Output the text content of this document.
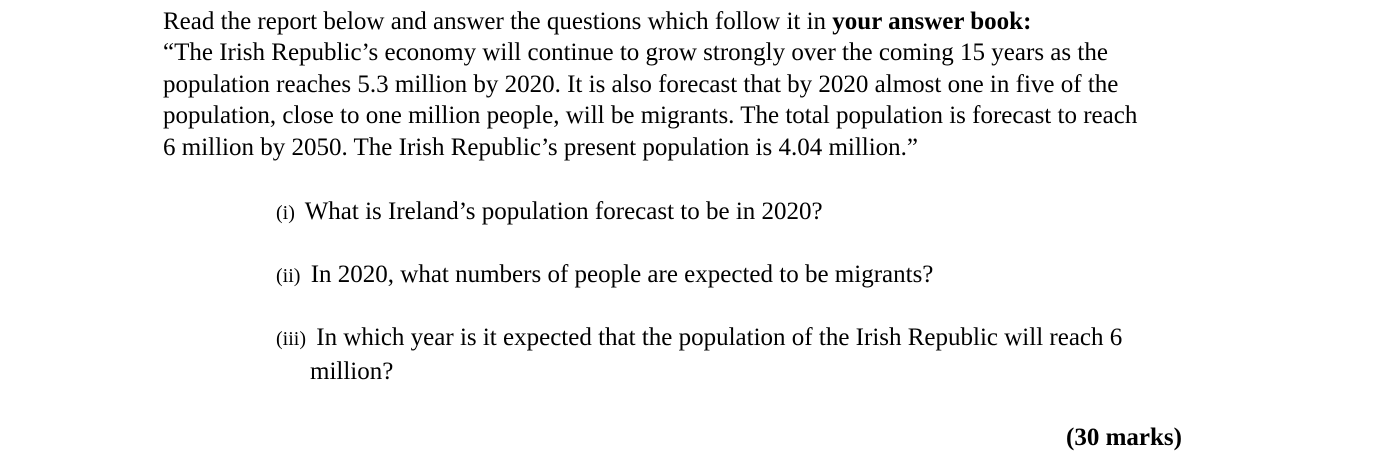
Read the report below and answer the questions which follow it in your answer book:

“The Irish Republic’s economy will continue to grow strongly over the coming 15 years as the
population reaches 5.3 million by 2020. It is also forecast that by 2020 almost one in five of the
population, close to one million people, will be migrants. The total population is forecast to reach
6 million by 2050. The Irish Republic’s present population is 4.04 million.”

(i) What is Ireland’s population forecast to be in 2020?
(ii) In 2020, what numbers of people are expected to be migrants?
(iii) In which year is it expected that the population of the Irish Republic will reach 6
million?
(30 marks)
